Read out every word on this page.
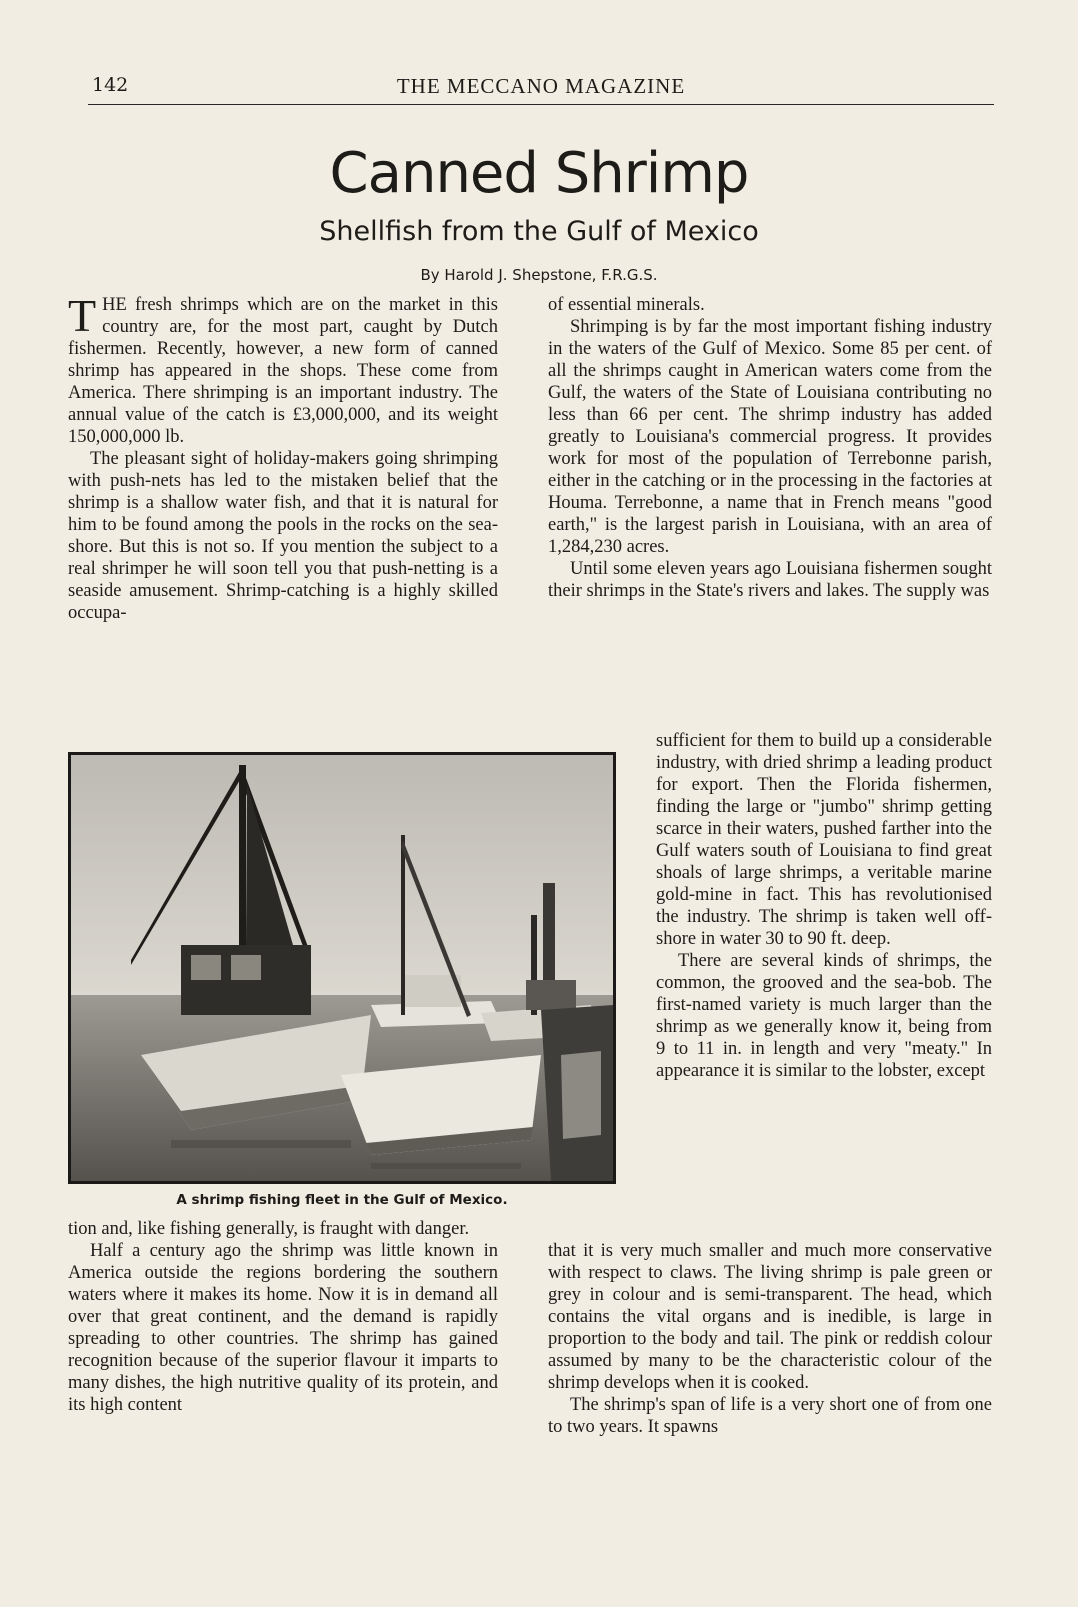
142	THE MECCANO MAGAZINE
Canned Shrimp
Shellfish from the Gulf of Mexico
By Harold J. Shepstone, F.R.G.S.

THE fresh shrimps which are on the market in this country are, for the most part, caught by Dutch fishermen. Recently, however, a new form of canned shrimp has appeared in the shops. These come from America. There shrimping is an important industry. The annual value of the catch is £3,000,000, and its weight 150,000,000 lb.

The pleasant sight of holiday-makers going shrimping with push-nets has led to the mistaken belief that the shrimp is a shallow water fish, and that it is natural for him to be found among the pools in the rocks on the sea-shore. But this is not so. If you mention the subject to a real shrimper he will soon tell you that push-netting is a seaside amusement. Shrimp-catching is a highly skilled occupa-

A shrimp fishing fleet in the Gulf of Mexico.

tion and, like fishing generally, is fraught with danger.

Half a century ago the shrimp was little known in America outside the regions bordering the southern waters where it makes its home. Now it is in demand all over that great continent, and the demand is rapidly spreading to other countries. The shrimp has gained recognition because of the superior flavour it imparts to many dishes, the high nutritive quality of its protein, and its high content

of essential minerals.

Shrimping is by far the most important fishing industry in the waters of the Gulf of Mexico. Some 85 per cent. of all the shrimps caught in American waters come from the Gulf, the waters of the State of Louisiana contributing no less than 66 per cent. The shrimp industry has added greatly to Louisiana's commercial progress. It provides work for most of the population of Terrebonne parish, either in the catching or in the processing in the factories at Houma. Terrebonne, a name that in French means "good earth," is the largest parish in Louisiana, with an area of 1,284,230 acres.

Until some eleven years ago Louisiana fishermen sought their shrimps in the State's rivers and lakes. The supply was

sufficient for them to build up a considerable industry, with dried shrimp a leading product for export. Then the Florida fishermen, finding the large or "jumbo" shrimp getting scarce in their waters, pushed farther into the Gulf waters south of Louisiana to find great shoals of large shrimps, a veritable marine gold-mine in fact. This has revolutionised the industry. The shrimp is taken well off-shore in water 30 to 90 ft. deep.

There are several kinds of shrimps, the common, the grooved and the sea-bob. The first-named variety is much larger than the shrimp as we generally know it, being from 9 to 11 in. in length and very "meaty." In appearance it is similar to the lobster, except

that it is very much smaller and much more conservative with respect to claws. The living shrimp is pale green or grey in colour and is semi-transparent. The head, which contains the vital organs and is inedible, is large in proportion to the body and tail. The pink or reddish colour assumed by many to be the characteristic colour of the shrimp develops when it is cooked.

The shrimp's span of life is a very short one of from one to two years. It spawns
